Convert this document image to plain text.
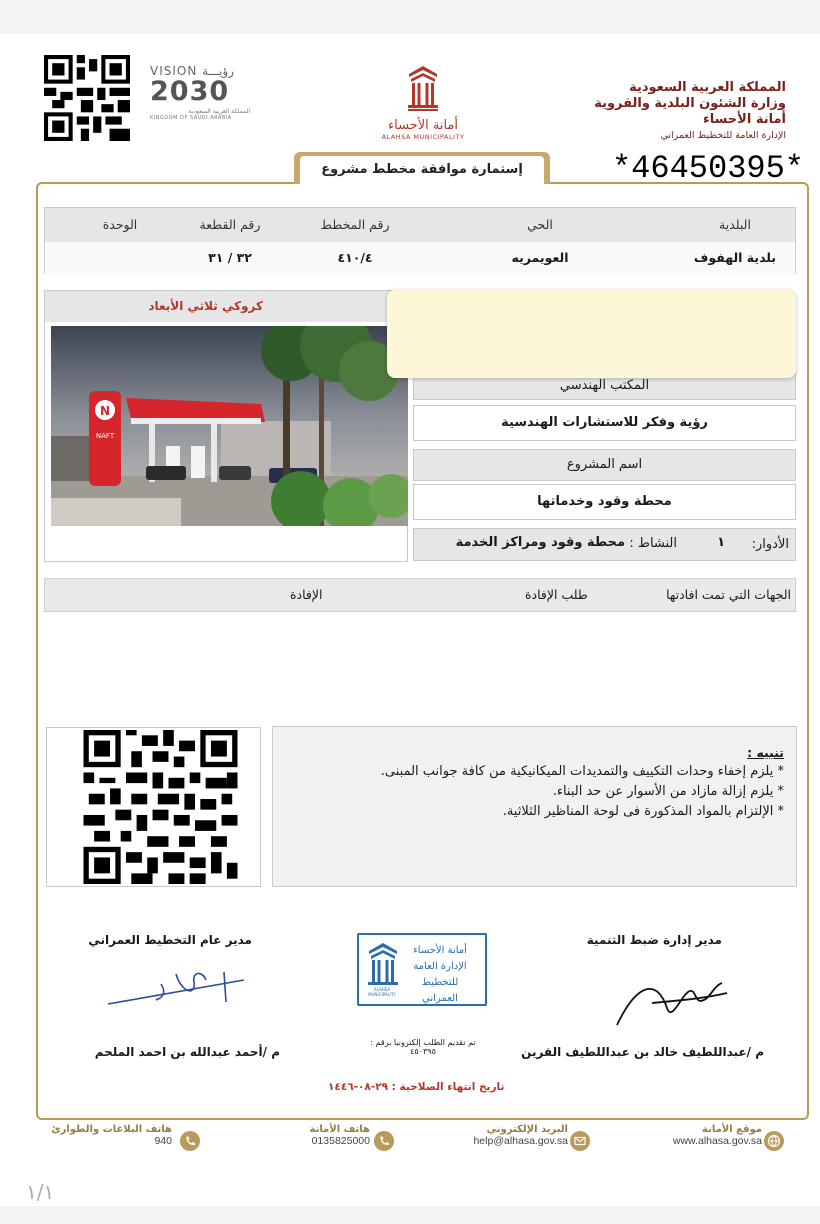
VISION رؤيـــة
2030
المملكة العربية السعودية
KINGDOM OF SAUDI ARABIA	أمانة الأحساء
ALAHSA MUNICIPALITY
المملكة العربية السعودية
وزارة الشئون البلدية والقروية
أمانة الأحساء
الإدارة العامة للتخطيط العمراني
*46450395*
إستمارة موافقة مخطط مشروع
البلدية
الحي
رقم المخطط
رقم القطعة
الوحدة
بلدية الهفوف
العويمريه
٤١٠/٤
٣٢ / ٣١
كروكي ثلاثي الأبعاد
N
NAFT
المكتب الهندسي
رؤية وفكر للاستشارات الهندسية
اسم المشروع
محطة وقود وخدماتها
الأدوار:
١
النشاط :
محطة وقود ومراكز الخدمة
الجهات التي تمت افادتها
طلب الإفادة
الإفادة
تنبيه :
* يلزم إخفاء وحدات التكييف والتمديدات الميكانيكية من كافة جوانب المبنى.
* يلزم إزالة مازاد من الأسوار عن حد البناء.
* الإلتزام بالمواد المذكورة فى لوحة المناظير الثلاثية.
مدير إدارة ضبط التنمية
مدير عام التخطيط العمراني
ALAHSA MUNICIPALITY
أمانة الأحساء
الإدارة العامة
للتخطيط العمراني
تم تقديم الطلب إلكترونيا برقم :
٤٥٠٣٩٥	م /عبداللطيف خالد بن عبداللطيف القرين
م /أحمد عبدالله بن احمد الملحم
تاريخ انتهاء الصلاحية : ٢٩-٠٨-١٤٤٦
موقع الأمانة
www.alhasa.gov.sa
البريد الإلكتروني
help@alhasa.gov.sa
هاتف الأمانة
0135825000
هاتف البلاغات والطوارئ
940
١/١
